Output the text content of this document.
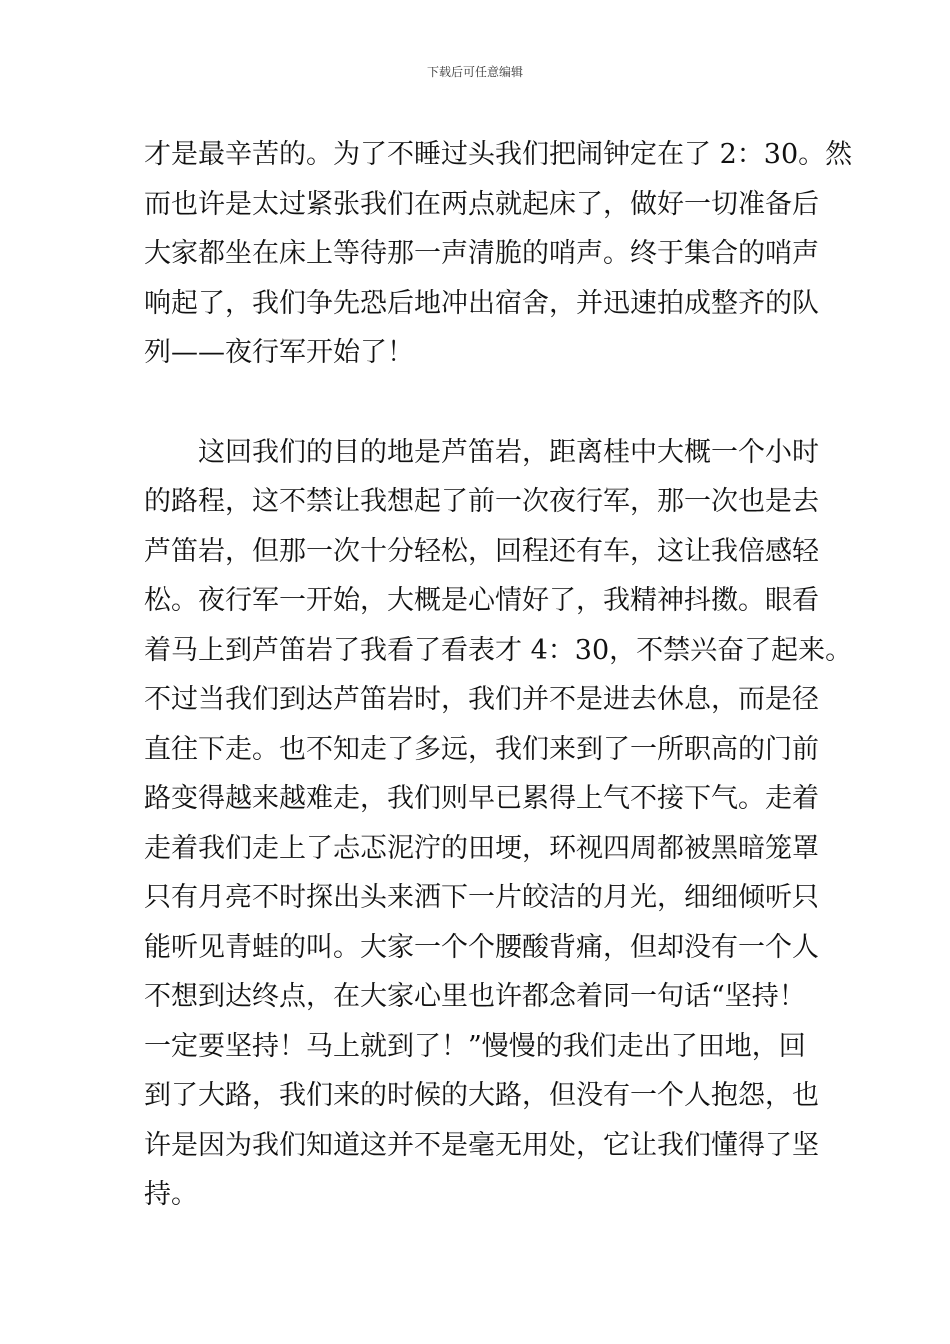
下载后可任意编辑
才是最辛苦的。为了不睡过头我们把闹钟定在了 2：30。然
而也许是太过紧张我们在两点就起床了，做好一切准备后
大家都坐在床上等待那一声清脆的哨声。终于集合的哨声
响起了，我们争先恐后地冲出宿舍，并迅速拍成整齐的队
列——夜行军开始了！
　　这回我们的目的地是芦笛岩，距离桂中大概一个小时
的路程，这不禁让我想起了前一次夜行军，那一次也是去
芦笛岩，但那一次十分轻松，回程还有车，这让我倍感轻
松。夜行军一开始，大概是心情好了，我精神抖擞。眼看
着马上到芦笛岩了我看了看表才 4：30，不禁兴奋了起来。
不过当我们到达芦笛岩时，我们并不是进去休息，而是径
直往下走。也不知走了多远，我们来到了一所职高的门前
路变得越来越难走，我们则早已累得上气不接下气。走着
走着我们走上了忐忑泥泞的田埂，环视四周都被黑暗笼罩
只有月亮不时探出头来洒下一片皎洁的月光，细细倾听只
能听见青蛙的叫。大家一个个腰酸背痛，但却没有一个人
不想到达终点，在大家心里也许都念着同一句话“坚持！
一定要坚持！马上就到了！”慢慢的我们走出了田地，回
到了大路，我们来的时候的大路，但没有一个人抱怨，也
许是因为我们知道这并不是毫无用处，它让我们懂得了坚
持。
